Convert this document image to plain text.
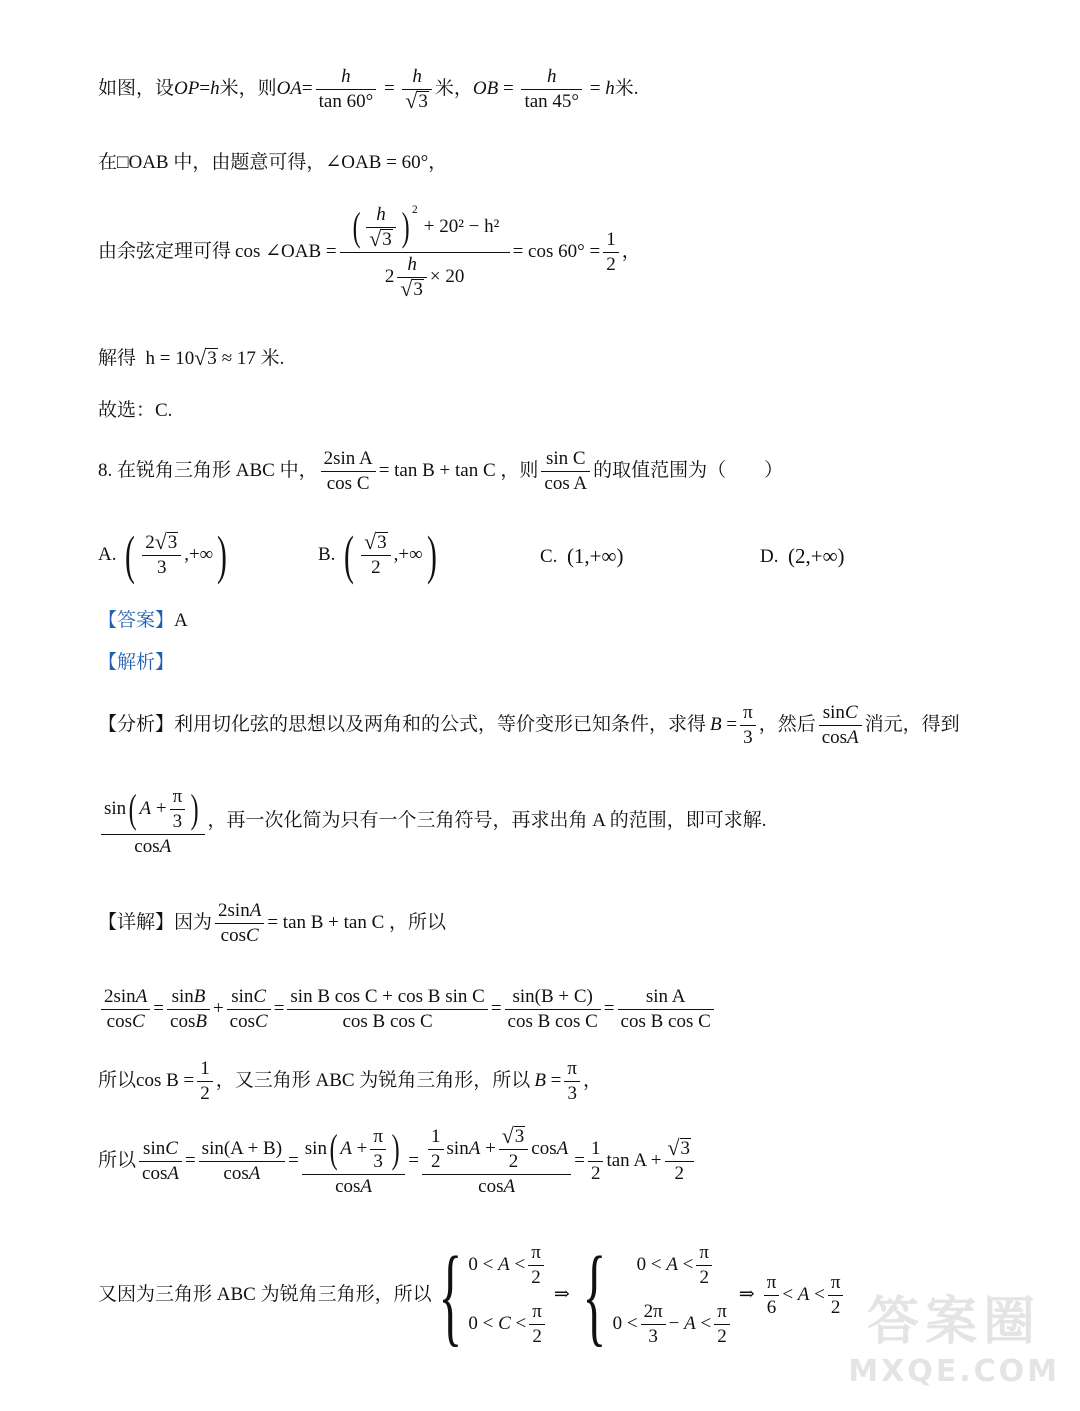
如图，设 OP = h 米，则 OA = $\frac{h}{\tan 60^\circ} = \frac{h}{√ 3}$ 米， OB = $\frac{h}{\tan 45^\circ} = h$ 米.
在□OAB 中，由题意可得，∠OAB = 60°，
由余弦定理可得 cos ∠OAB = ( $\frac{h}{√ 3} )^2$
+ 20² − h²
$2 \frac{h}{√ 3} \times 20 = \cos 60^\circ = \frac{1}{2}$ ，
解得
h = 10 √ 3 ≈ 17 米.
故选：C.
8. 在锐角三角形 ABC 中， $\frac{\text{2sin A}}{\text{cos C}} = \tan B + \tan C$ ，则 $\frac{\text{sin C}}{\text{cos A}}$ 的取值范围为（　　）
A.
( $\frac{2 √ 3}{3}$ ,+∞ )	B.
( $\frac{√ 3}{2}$ ,+∞ )	C.
(1,+∞)	D.
(2,+∞)
【答案】 A
【解析】
【分析】 利用切化弦的思想以及两角和的公式，等价变形已知条件，求得 $B = \frac{\pi}{3}$ ，然后 $\frac{\text{sin C}}{\text{cos A}}$ 消元，得到
$\frac{\sin ( A + \frac{\pi}{3} )}{\text{cos A}}$ ，再一次化简为只有一个三角符号，再求出角 A 的范围，即可求解.
【详解】 因为 $\frac{\text{2sin A}}{\text{cos C}} = \tan B + \tan C$ ，所以
$\frac{\text{2sin A}}{\text{cos C}} = \frac{\text{sin B}}{\text{cos B}} + \frac{\text{sin C}}{\text{cos C}} = \frac{\text{sin B cos C + cos B sin C}}{\text{cos B cos C}} = \frac{\sin(B + C)}{\text{cos B cos C}} = \frac{\text{sin A}}{\text{cos B cos C}}$
所以 $\cos B = \frac{1}{2}$ ，又三角形 ABC 为锐角三角形，所以 $B = \frac{\pi}{3}$ ，
所以 $\frac{\text{sin C}}{\text{cos A}} = \frac{\sin(A + B)}{\text{cos A}} = \frac{\sin ( A + \frac{\pi}{3} )}{\text{cos A}} = \frac{\frac{1}{2} \sin A + \frac{√ 3}{2} \cos A}{\text{cos A}} = \frac{1}{2}$ $\tan A + \frac{√ 3}{2}$
又因为三角形 ABC 为锐角三角形，所以 { $0 < A < \frac{\pi}{2}$
$0 < C < \frac{\pi}{2}$
⇒ {	$0 < A < \frac{\pi}{2}$
$0 < \frac{2\pi}{3} - A < \frac{\pi}{2}$
⇒ $\frac{\pi}{6} < A < \frac{\pi}{2}$ 答案圈
MXQE.COM
